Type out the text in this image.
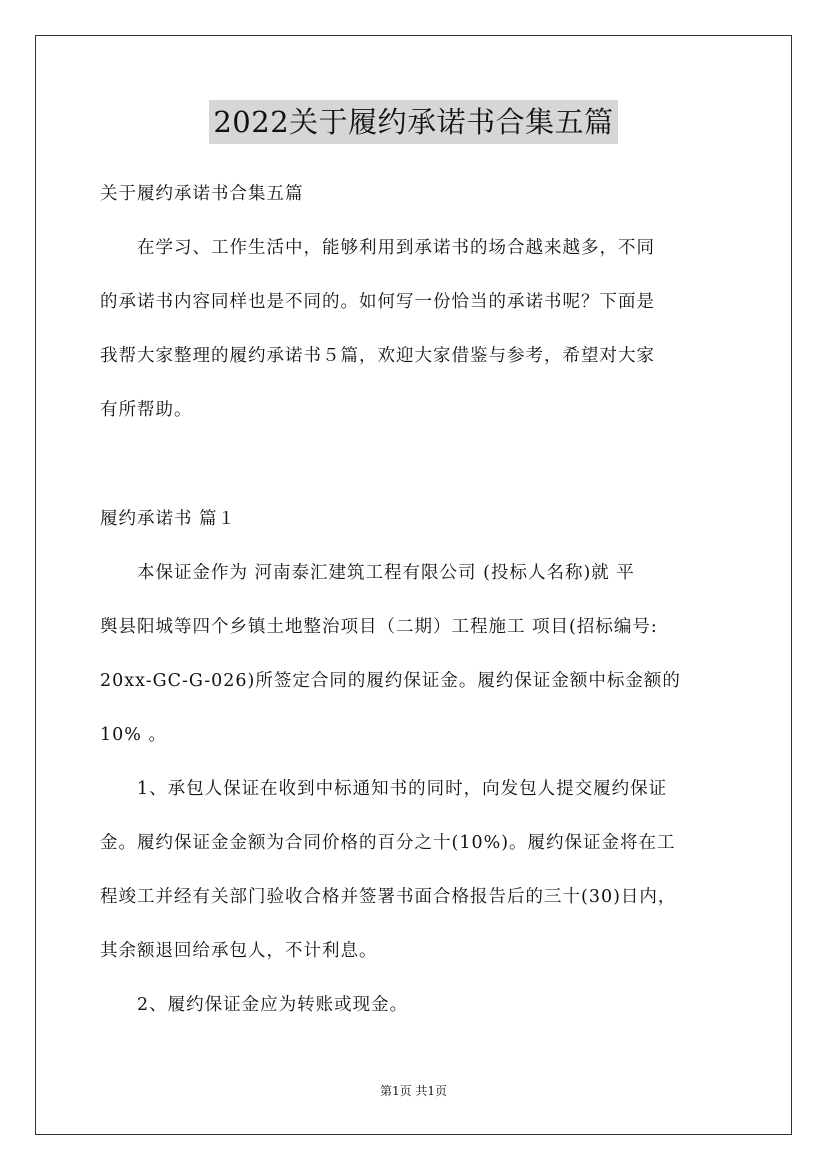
2022关于履约承诺书合集五篇
关于履约承诺书合集五篇
　　在学习、工作生活中，能够利用到承诺书的场合越来越多，不同
的承诺书内容同样也是不同的。如何写一份恰当的承诺书呢？下面是
我帮大家整理的履约承诺书５篇，欢迎大家借鉴与参考，希望对大家
有所帮助。
履约承诺书 篇１
　　本保证金作为 河南泰汇建筑工程有限公司 (投标人名称)就 平
舆县阳城等四个乡镇土地整治项目（二期）工程施工 项目(招标编号:
20xx-GC-G-026)所签定合同的履约保证金。履约保证金额中标金额的
10% 。
　　1、承包人保证在收到中标通知书的同时，向发包人提交履约保证
金。履约保证金金额为合同价格的百分之十(10%)。履约保证金将在工
程竣工并经有关部门验收合格并签署书面合格报告后的三十(30)日内，
其余额退回给承包人，不计利息。
　　2、履约保证金应为转账或现金。
第1页 共1页
